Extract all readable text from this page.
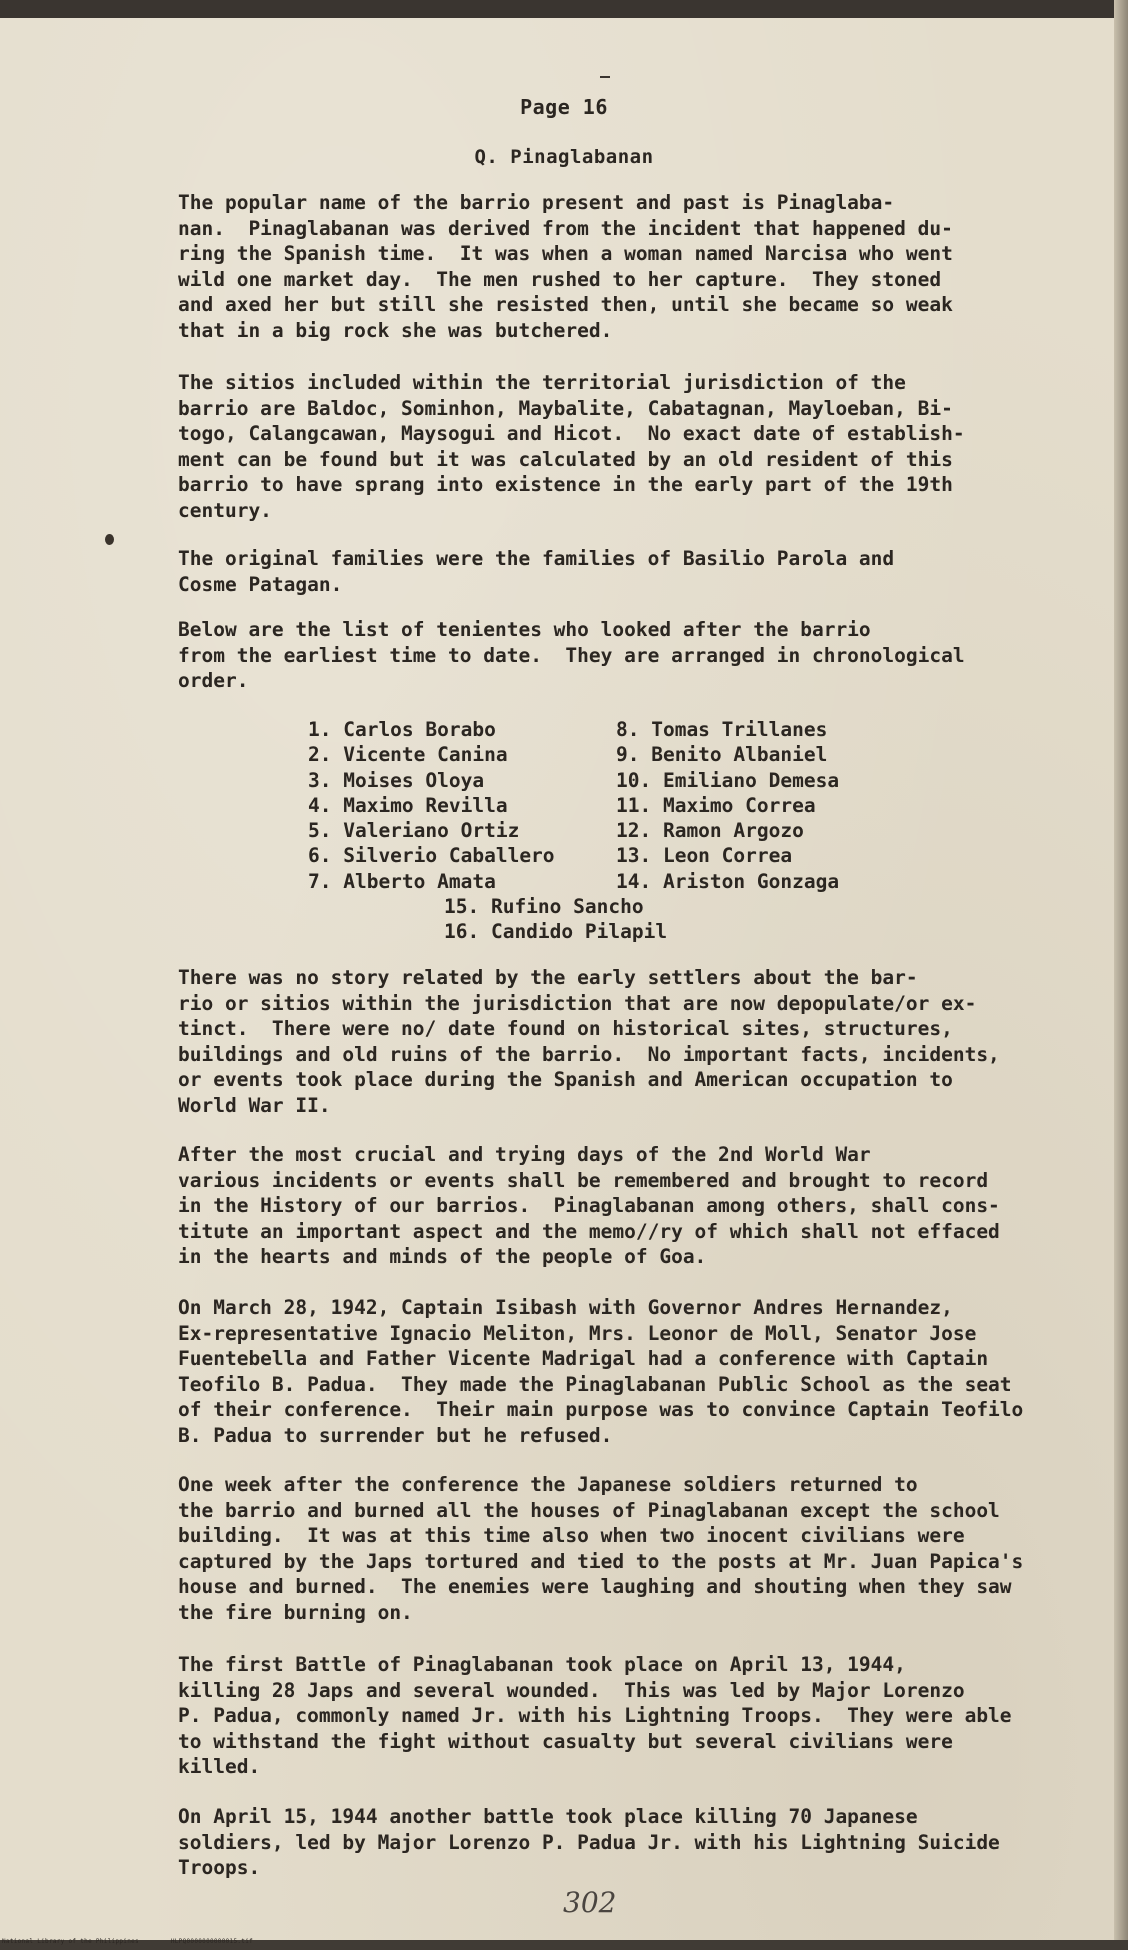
Page 16
Q. Pinaglabanan

The popular name of the barrio present and past is Pinaglaba-
nan.  Pinaglabanan was derived from the incident that happened du-
ring the Spanish time.  It was when a woman named Narcisa who went
wild one market day.  The men rushed to her capture.  They stoned
and axed her but still she resisted then, until she became so weak
that in a big rock she was butchered.

The sitios included within the territorial jurisdiction of the
barrio are Baldoc, Sominhon, Maybalite, Cabatagnan, Mayloeban, Bi-
togo, Calangcawan, Maysogui and Hicot.  No exact date of establish-
ment can be found but it was calculated by an old resident of this
barrio to have sprang into existence in the early part of the 19th
century.

The original families were the families of Basilio Parola and
Cosme Patagan.

Below are the list of tenientes who looked after the barrio
from the earliest time to date.  They are arranged in chronological
order.

1. Carlos Borabo	8. Tomas Trillanes
2. Vicente Canina	9. Benito Albaniel
3. Moises Oloya	10. Emiliano Demesa
4. Maximo Revilla	11. Maximo Correa
5. Valeriano Ortiz	12. Ramon Argozo
6. Silverio Caballero	13. Leon Correa
7. Alberto Amata	14. Ariston Gonzaga
15. Rufino Sancho
16. Candido Pilapil

There was no story related by the early settlers about the bar-
rio or sitios within the jurisdiction that are now depopulate/or ex-
tinct.  There were no/ date found on historical sites, structures,
buildings and old ruins of the barrio.  No important facts, incidents,
or events took place during the Spanish and American occupation to
World War II.

After the most crucial and trying days of the 2nd World War
various incidents or events shall be remembered and brought to record
in the History of our barrios.  Pinaglabanan among others, shall cons-
titute an important aspect and the memo//ry of which shall not effaced
in the hearts and minds of the people of Goa.

On March 28, 1942, Captain Isibash with Governor Andres Hernandez,
Ex-representative Ignacio Meliton, Mrs. Leonor de Moll, Senator Jose
Fuentebella and Father Vicente Madrigal had a conference with Captain
Teofilo B. Padua.  They made the Pinaglabanan Public School as the seat
of their conference.  Their main purpose was to convince Captain Teofilo
B. Padua to surrender but he refused.

One week after the conference the Japanese soldiers returned to
the barrio and burned all the houses of Pinaglabanan except the school
building.  It was at this time also when two inocent civilians were
captured by the Japs tortured and tied to the posts at Mr. Juan Papica's
house and burned.  The enemies were laughing and shouting when they saw
the fire burning on.

The first Battle of Pinaglabanan took place on April 13, 1944,
killing 28 Japs and several wounded.  This was led by Major Lorenzo
P. Padua, commonly named Jr. with his Lightning Troops.  They were able
to withstand the fight without casualty but several civilians were
killed.

On April 15, 1944 another battle took place killing 70 Japanese
soldiers, led by Major Lorenzo P. Padua Jr. with his Lightning Suicide
Troops.

302
National Library of the Philippines	HLPQ0000000000015.tif
